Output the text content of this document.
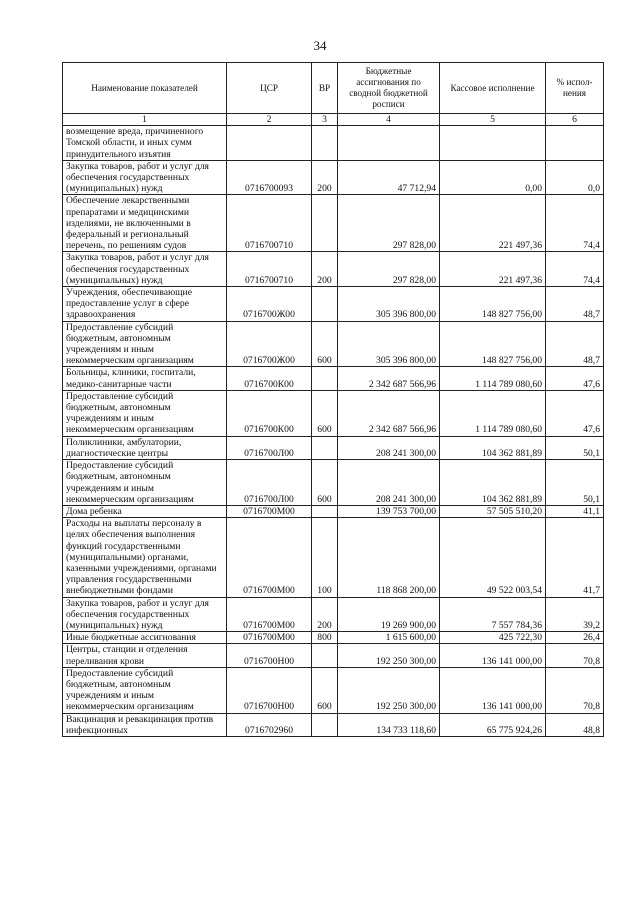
34
Наименование показателей	ЦСР	ВР	Бюджетные ассигнования по сводной бюджетной росписи	Кассовое исполнение	% испол-нения
1	2	3	4	5	6
возмещение вреда, причиненного Томской области, и иных сумм принудительного изъятия					
Закупка товаров, работ и услуг для обеспечения государственных (муниципальных) нужд	0716700093	200	47 712,94	0,00	0,0
Обеспечение лекарственными препаратами и медицинскими изделиями, не включенными в федеральный и региональный перечень, по решениям судов	0716700710		297 828,00	221 497,36	74,4
Закупка товаров, работ и услуг для обеспечения государственных (муниципальных) нужд	0716700710	200	297 828,00	221 497,36	74,4
Учреждения, обеспечивающие предоставление услуг в сфере здравоохранения	0716700Ж00		305 396 800,00	148 827 756,00	48,7
Предоставление субсидий бюджетным, автономным учреждениям и иным некоммерческим организациям	0716700Ж00	600	305 396 800,00	148 827 756,00	48,7
Больницы, клиники, госпитали, медико-санитарные части	0716700К00		2 342 687 566,96	1 114 789 080,60	47,6
Предоставление субсидий бюджетным, автономным учреждениям и иным некоммерческим организациям	0716700К00	600	2 342 687 566,96	1 114 789 080,60	47,6
Поликлиники, амбулатории, диагностические центры	0716700Л00		208 241 300,00	104 362 881,89	50,1
Предоставление субсидий бюджетным, автономным учреждениям и иным некоммерческим организациям	0716700Л00	600	208 241 300,00	104 362 881,89	50,1
Дома ребенка	0716700М00		139 753 700,00	57 505 510,20	41,1
Расходы на выплаты персоналу в целях обеспечения выполнения функций государственными (муниципальными) органами, казенными учреждениями, органами управления государственными внебюджетными фондами	0716700М00	100	118 868 200,00	49 522 003,54	41,7
Закупка товаров, работ и услуг для обеспечения государственных (муниципальных) нужд	0716700М00	200	19 269 900,00	7 557 784,36	39,2
Иные бюджетные ассигнования	0716700М00	800	1 615 600,00	425 722,30	26,4
Центры, станции и отделения переливания крови	0716700Н00		192 250 300,00	136 141 000,00	70,8
Предоставление субсидий бюджетным, автономным учреждениям и иным некоммерческим организациям	0716700Н00	600	192 250 300,00	136 141 000,00	70,8
Вакцинация и ревакцинация против инфекционных	0716702960		134 733 118,60	65 775 924,26	48,8
